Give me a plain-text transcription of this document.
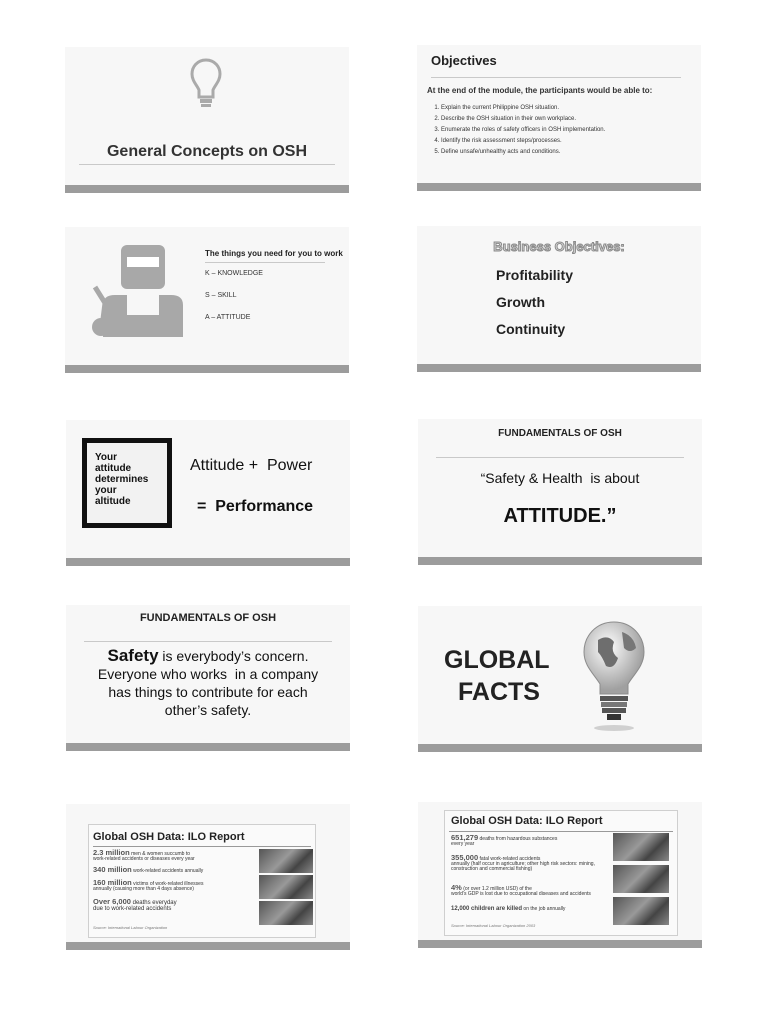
General Concepts on OSH
Objectives
At the end of the module, the participants would be able to:
1. Explain the current Philippine OSH situation.
2. Describe the OSH situation in their own workplace.
3. Enumerate the roles of safety officers in OSH implementation.
4. Identify the risk assessment steps/processes.
5. Define unsafe/unhealthy acts and conditions.
The things you need for you to work
K – KNOWLEDGE
S – SKILL
A – ATTITUDE
Business Objectives:
Profitability
Growth
Continuity
Your
attitude
determines
your
altitude
Attitude +  Power
=  Performance
FUNDAMENTALS OF OSH
“Safety & Health  is about
ATTITUDE.”
FUNDAMENTALS OF OSH
Safety is everybody’s concern.
Everyone who works  in a company
has things to contribute for each
other’s safety.
GLOBAL
FACTS
Global OSH Data: ILO Report
2.3 million men & women succumb to
work-related accidents or diseases every year
340 million work-related accidents annually
160 million victims of work-related illnesses
annually (causing more than 4 days absence)
Over 6,000 deaths everyday
due to work-related accidents
Source: International Labour Organization
Global OSH Data: ILO Report
651,279 deaths from hazardous substances
every year
355,000 fatal work-related accidents
annually (half occur in agriculture; other high risk sectors: mining, construction and commercial fishing)
4% (or over 1.2 million USD) of the
world’s GDP is lost due to occupational diseases and accidents
12,000 children are killed on the job annually
Source: International Labour Organization 2003
